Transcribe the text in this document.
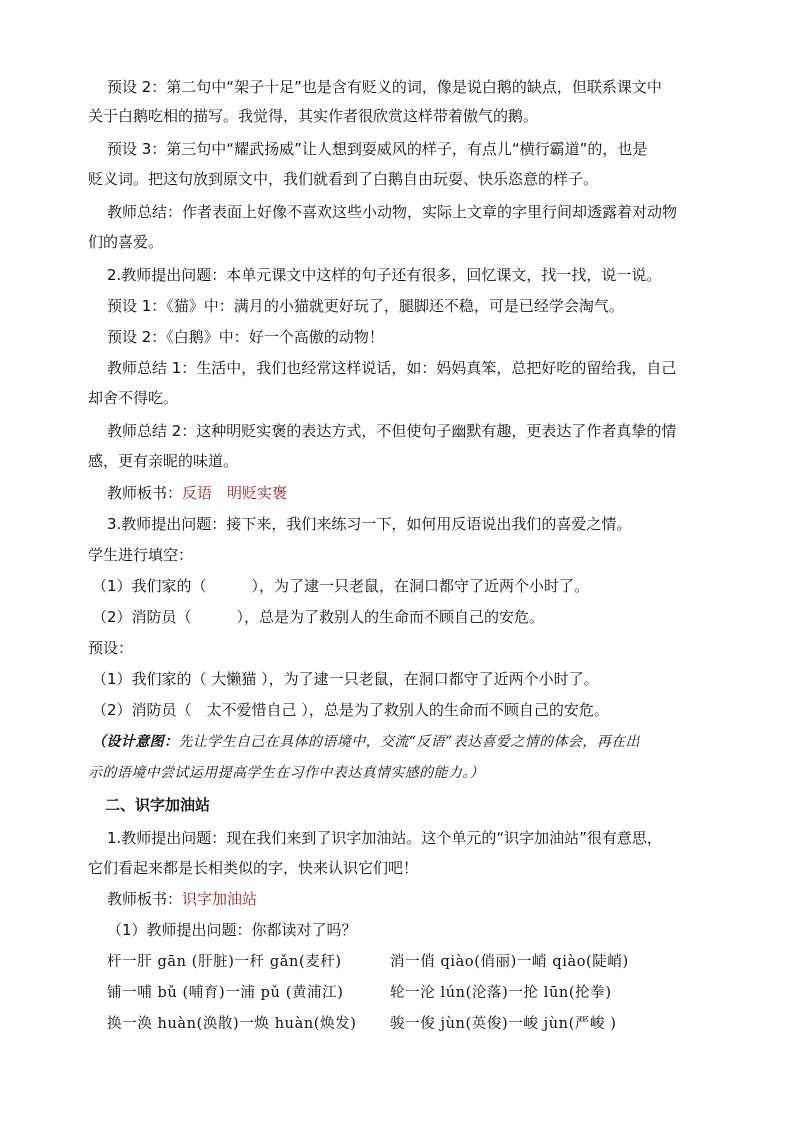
预设 2：第二句中“架子十足”也是含有贬义的词，像是说白鹅的缺点，但联系课文中
关于白鹅吃相的描写。我觉得，其实作者很欣赏这样带着傲气的鹅。
预设 3：第三句中“耀武扬威”让人想到耍威风的样子，有点儿“横行霸道”的，也是
贬义词。把这句放到原文中，我们就看到了白鹅自由玩耍、快乐恣意的样子。
教师总结：作者表面上好像不喜欢这些小动物，实际上文章的字里行间却透露着对动物
们的喜爱。
2.教师提出问题：本单元课文中这样的句子还有很多，回忆课文，找一找，说一说。
预设 1：《猫》中：满月的小猫就更好玩了，腿脚还不稳，可是已经学会淘气。
预设 2：《白鹅》中：好一个高傲的动物！
教师总结 1：生活中，我们也经常这样说话，如：妈妈真笨，总把好吃的留给我，自己
却舍不得吃。
教师总结 2：这种明贬实褒的表达方式，不但使句子幽默有趣，更表达了作者真挚的情
感，更有亲昵的味道。
教师板书：反语　明贬实褒
3.教师提出问题：接下来，我们来练习一下，如何用反语说出我们的喜爱之情。
学生进行填空：
（1）我们家的（　　　），为了逮一只老鼠，在洞口都守了近两个小时了。
（2）消防员（　　　），总是为了救别人的生命而不顾自己的安危。
预设：
（1）我们家的（ 大懒猫 ），为了逮一只老鼠，在洞口都守了近两个小时了。
（2）消防员（　太不爱惜自己 ），总是为了救别人的生命而不顾自己的安危。
（设计意图：先让学生自己在具体的语境中，交流“反语”表达喜爱之情的体会，再在出
示的语境中尝试运用提高学生在习作中表达真情实感的能力。）
二、识字加油站
1.教师提出问题：现在我们来到了识字加油站。这个单元的“识字加油站”很有意思，
它们看起来都是长相类似的字，快来认识它们吧！
教师板书：识字加油站
（1）教师提出问题：你都读对了吗？
杆一肝 gān (肝脏)一秆 gǎn(麦秆)	消一俏 qiào(俏丽)一峭 qiào(陡峭)
铺一哺 bǔ (哺育)一浦 pǔ (黄浦江)	轮一沦 lún(沦落)一抡 lūn(抡拳)
换一涣 huàn(涣散)一焕 huàn(焕发) 骏一俊 jùn(英俊)一峻 jùn(严峻 )
